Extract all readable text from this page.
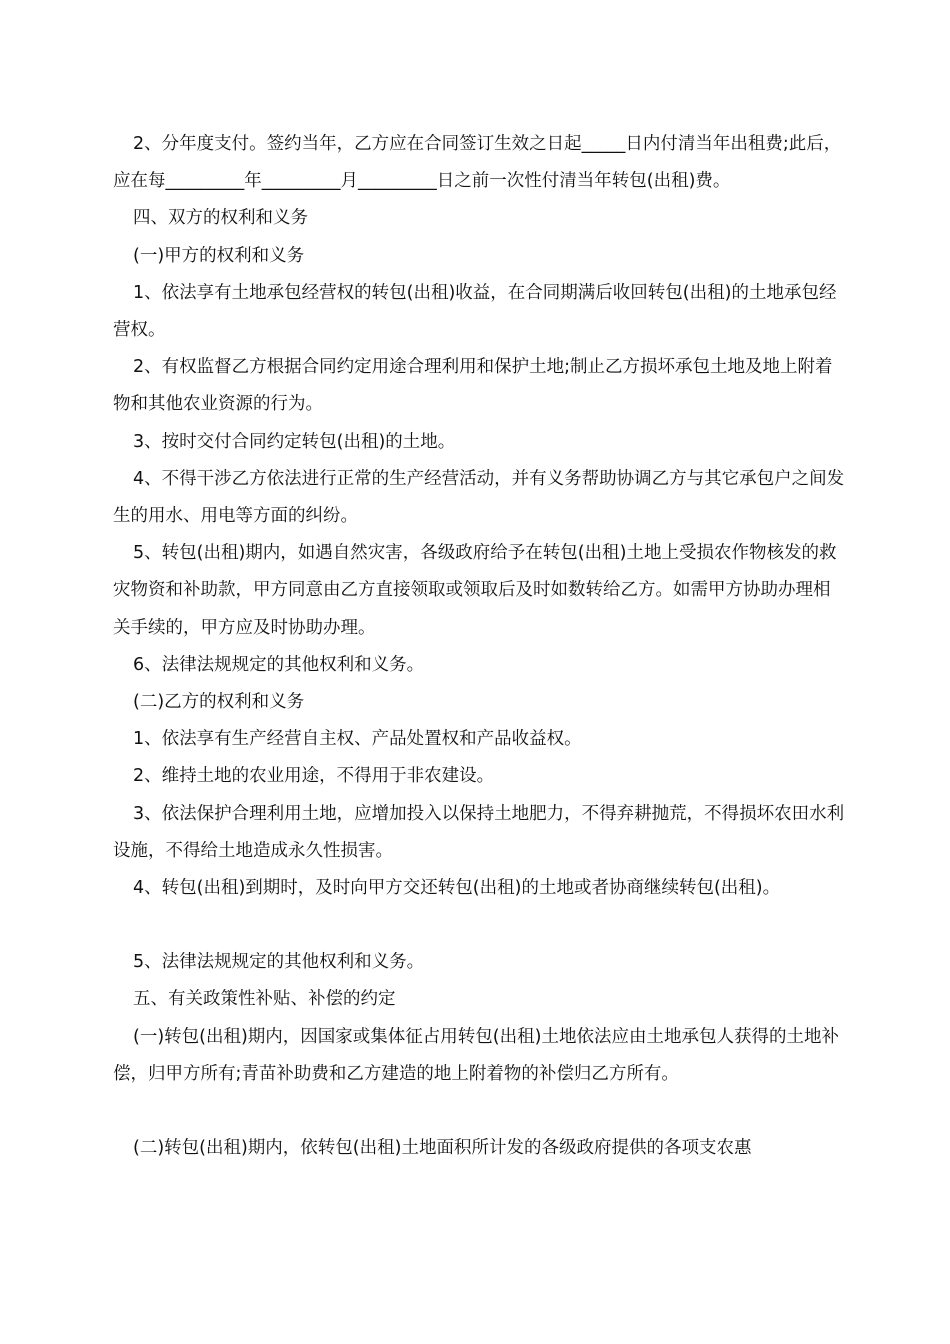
2、分年度支付。签约当年，乙方应在合同签订生效之日起_____日内付清当年出租费;此后，应在每_________年_________月_________日之前一次性付清当年转包(出租)费。

四、双方的权利和义务

(一)甲方的权利和义务

1、依法享有土地承包经营权的转包(出租)收益，在合同期满后收回转包(出租)的土地承包经营权。

2、有权监督乙方根据合同约定用途合理利用和保护土地;制止乙方损坏承包土地及地上附着物和其他农业资源的行为。

3、按时交付合同约定转包(出租)的土地。

4、不得干涉乙方依法进行正常的生产经营活动，并有义务帮助协调乙方与其它承包户之间发生的用水、用电等方面的纠纷。

5、转包(出租)期内，如遇自然灾害，各级政府给予在转包(出租)土地上受损农作物核发的救灾物资和补助款，甲方同意由乙方直接领取或领取后及时如数转给乙方。如需甲方协助办理相关手续的，甲方应及时协助办理。

6、法律法规规定的其他权利和义务。

(二)乙方的权利和义务

1、依法享有生产经营自主权、产品处置权和产品收益权。

2、维持土地的农业用途，不得用于非农建设。

3、依法保护合理利用土地，应增加投入以保持土地肥力，不得弃耕抛荒，不得损坏农田水利设施，不得给土地造成永久性损害。

4、转包(出租)到期时，及时向甲方交还转包(出租)的土地或者协商继续转包(出租)。

5、法律法规规定的其他权利和义务。

五、有关政策性补贴、补偿的约定

(一)转包(出租)期内，因国家或集体征占用转包(出租)土地依法应由土地承包人获得的土地补偿，归甲方所有;青苗补助费和乙方建造的地上附着物的补偿归乙方所有。

(二)转包(出租)期内，依转包(出租)土地面积所计发的各级政府提供的各项支农惠
